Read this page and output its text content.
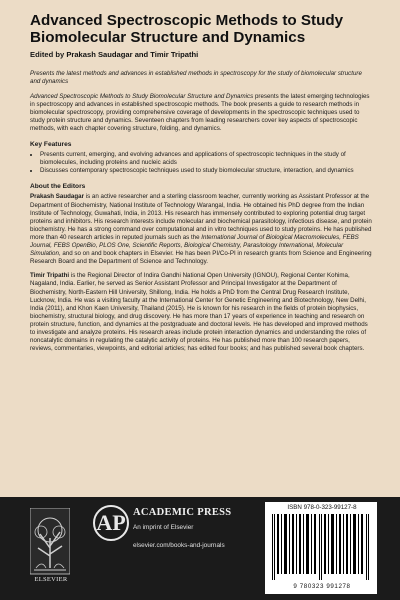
Advanced Spectroscopic Methods to Study Biomolecular Structure and Dynamics
Edited by Prakash Saudagar and Timir Tripathi
Presents the latest methods and advances in established methods in spectroscopy for the study of biomolecular structure and dynamics
Advanced Spectroscopic Methods to Study Biomolecular Structure and Dynamics presents the latest emerging technologies in spectroscopy and advances in established spectroscopic methods. The book presents a guide to research methods in biomolecular spectroscopy, providing comprehensive coverage of developments in the spectroscopic techniques used to study protein structure and dynamics. Seventeen chapters from leading researchers cover key aspects of spectroscopic methods, with each chapter covering structure, folding, and dynamics.
Key Features
• Presents current, emerging, and evolving advances and applications of spectroscopic techniques in the study of biomolecules, including proteins and nucleic acids
• Discusses contemporary spectroscopic techniques used to study biomolecular structure, interaction, and dynamics
About the Editors
Prakash Saudagar is an active researcher and a sterling classroom teacher, currently working as Assistant Professor at the Department of Biochemistry, National Institute of Technology Warangal, India. He obtained his PhD degree from the Indian Institute of Technology, Guwahati, India, in 2013. His research has immensely contributed to exploring potential drug target proteins and inhibitors. His research interests include molecular and biochemical parasitology, infectious disease, and protein biochemistry. He has a strong command over computational and in vitro techniques used to study proteins. He has published more than 40 research articles in reputed journals such as the International Journal of Biological Macromolecules, FEBS Journal, FEBS OpenBio, PLOS One, Scientific Reports, Biological Chemistry, Parasitology International, Molecular Simulation, and so on and book chapters in Elsevier. He has been PI/Co-PI in research grants from Science and Engineering Research Board and the Department of Science and Technology.
Timir Tripathi is the Regional Director of Indira Gandhi National Open University (IGNOU), Regional Center Kohima, Nagaland, India. Earlier, he served as Senior Assistant Professor and Principal Investigator at the Department of Biochemistry, North-Eastern Hill University, Shillong, India. He holds a PhD from the Central Drug Research Institute, Lucknow, India. He was a visiting faculty at the International Center for Genetic Engineering and Biotechnology, New Delhi, India (2011), and Khon Kaen University, Thailand (2015). He is known for his research in the fields of protein biophysics, biochemistry, structural biology, and drug discovery. He has more than 17 years of experience in teaching and research on protein structure, function, and dynamics at the postgraduate and doctoral levels. He has developed and improved methods to investigate and analyze proteins. His research areas include protein interaction dynamics and understanding the roles of noncatalytic domains in regulating the catalytic activity of proteins. He has published more than 100 research papers, reviews, commentaries, viewpoints, and editorial articles; has edited four books; and has published several book chapters.
ELSEVIER
AP ACADEMIC PRESS
An imprint of Elsevier
elsevier.com/books-and-journals
ISBN 978-0-323-99127-8
9 780323 991278
